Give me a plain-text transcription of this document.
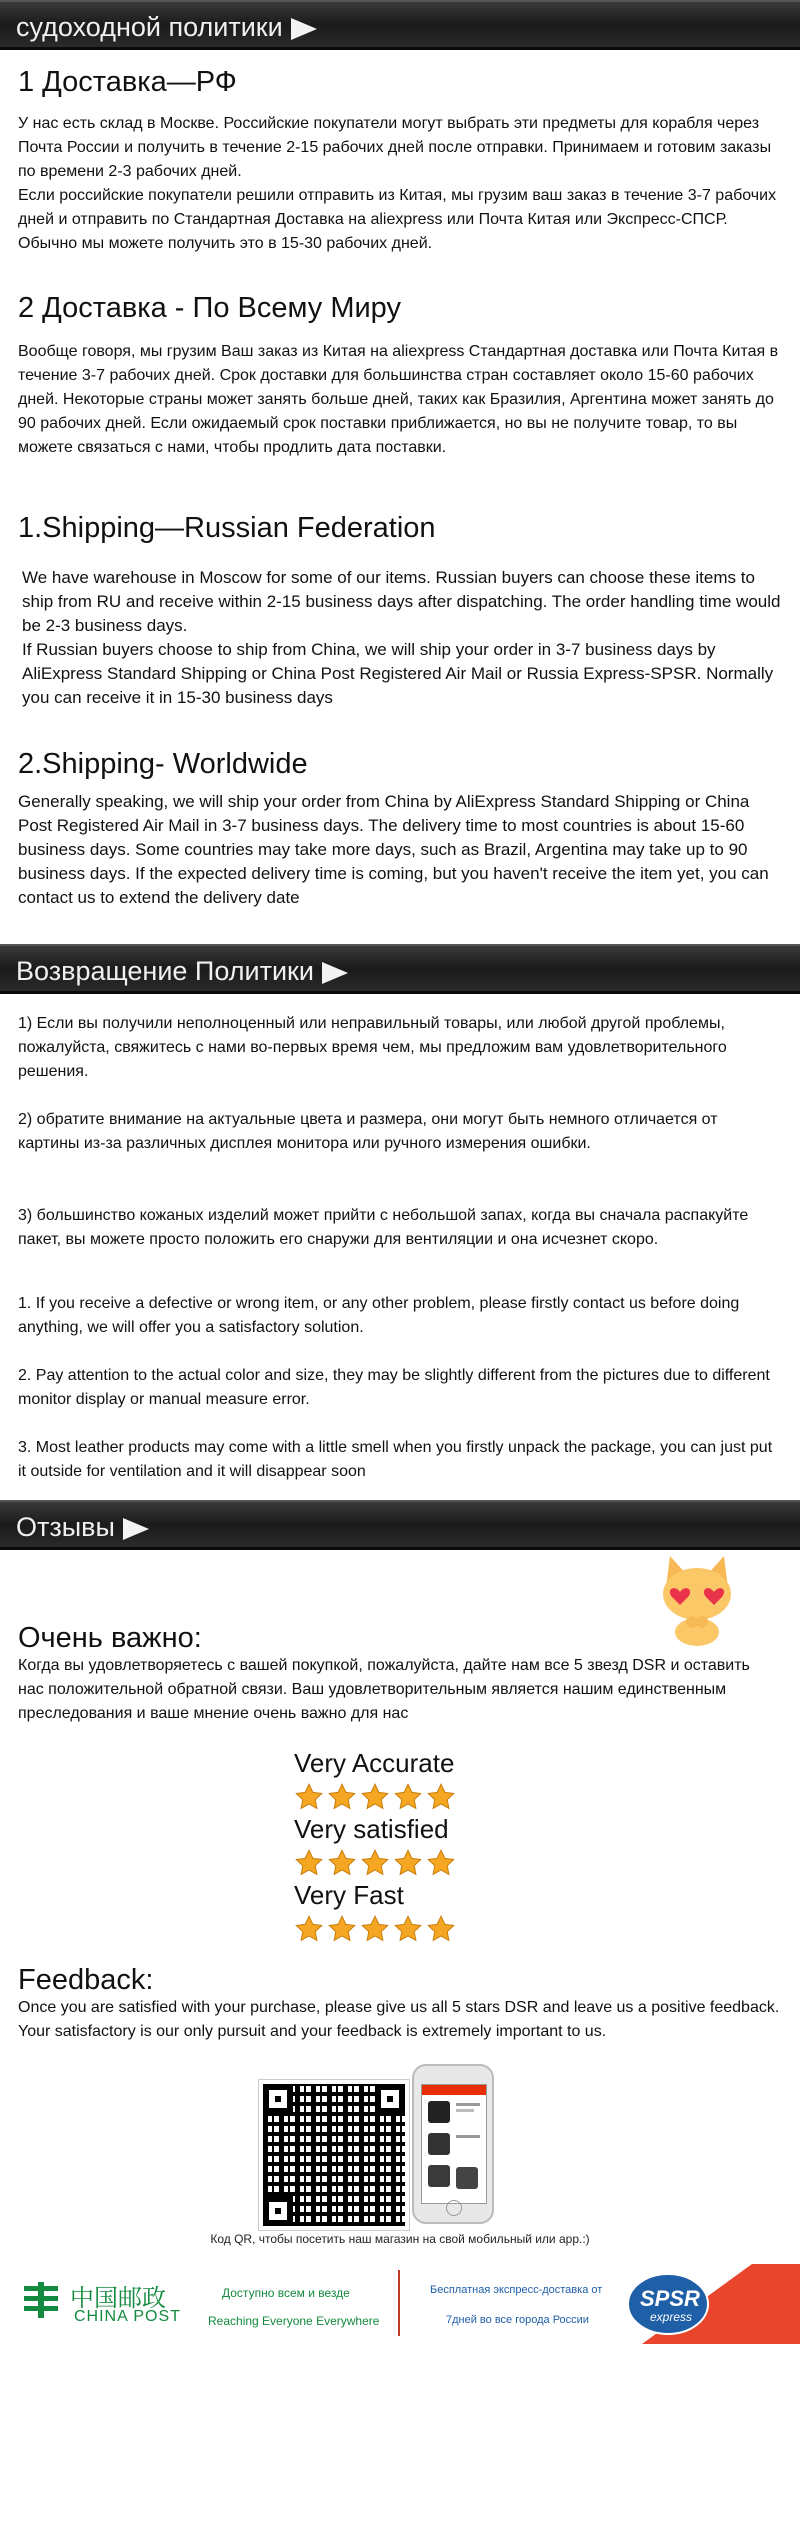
судоходной политики
1 Доставка—РФ

У нас есть склад в Москве. Российские покупатели могут выбрать эти предметы для корабля через Почта России и получить в течение 2-15 рабочих дней после отправки. Принимаем и готовим заказы по времени 2-3 рабочих дней.

Если российские покупатели решили отправить из Китая, мы грузим ваш заказ в течение 3-7 рабочих дней и отправить по Стандартная Доставка на aliexpress или Почта Китая или Экспресс-СПСР. Обычно мы можете получить это в 15-30 рабочих дней.

2 Доставка - По Всему Миру

Вообще говоря, мы грузим Ваш заказ из Китая на aliexpress Стандартная доставка или Почта Китая в течение 3-7 рабочих дней. Срок доставки для большинства стран составляет около 15-60 рабочих дней. Некоторые страны может занять больше дней, таких как Бразилия, Аргентина может занять до 90 рабочих дней. Если ожидаемый срок поставки приближается, но вы не получите товар, то вы можете связаться с нами, чтобы продлить дата поставки.

1.Shipping—Russian Federation

We have warehouse in Moscow for some of our items. Russian buyers can choose these items to ship from RU and receive within 2-15 business days after dispatching. The order handling time would be 2-3 business days.

If Russian buyers choose to ship from China, we will ship your order in 3-7 business days by AliExpress Standard Shipping or China Post Registered Air Mail or Russia Express-SPSR. Normally you can receive it in 15-30 business days

2.Shipping- Worldwide

Generally speaking, we will ship your order from China by AliExpress Standard Shipping or China Post Registered Air Mail in 3-7 business days. The delivery time to most countries is about 15-60 business days. Some countries may take more days, such as Brazil, Argentina may take up to 90 business days. If the expected delivery time is coming, but you haven't receive the item yet, you can contact us to extend the delivery date

Возвращение Политики

1) Если вы получили неполноценный или неправильный товары, или любой другой проблемы, пожалуйста, свяжитесь с нами во-первых время чем, мы предложим вам удовлетворительного решения.

2) обратите внимание на актуальные цвета и размера, они могут быть немного отличается от картины из-за различных дисплея монитора или ручного измерения ошибки.

3) большинство кожаных изделий может прийти с небольшой запах, когда вы сначала распакуйте пакет, вы можете просто положить его снаружи для вентиляции и она исчезнет скоро.

1. If you receive a defective or wrong item, or any other problem, please firstly contact us before doing anything, we will offer you a satisfactory solution.

2. Pay attention to the actual color and size, they may be slightly different from the pictures due to different monitor display or manual measure error.

3. Most leather products may come with a little smell when you firstly unpack the package, you can just put it outside for ventilation and it will disappear soon

Отзывы
Очень важно:

Когда вы удовлетворяетесь с вашей покупкой, пожалуйста, дайте нам все 5 звезд DSR и оставить нас положительной обратной связи. Ваш удовлетворительным является нашим единственным преследования и ваше мнение очень важно для нас

Very Accurate
Very satisfied
Very Fast
Feedback:

Once you are satisfied with your purchase, please give us all 5 stars DSR and leave us a positive feedback. Your satisfactory is our only pursuit and your feedback is extremely important to us.

Код QR, чтобы посетить наш магазин на свой мобильный или app.:)
中国邮政
CHINA POST
Доступно всем и везде
Reaching Everyone Everywhere
Бесплатная экспресс-доставка от
7дней во все города России
SPSR
express
